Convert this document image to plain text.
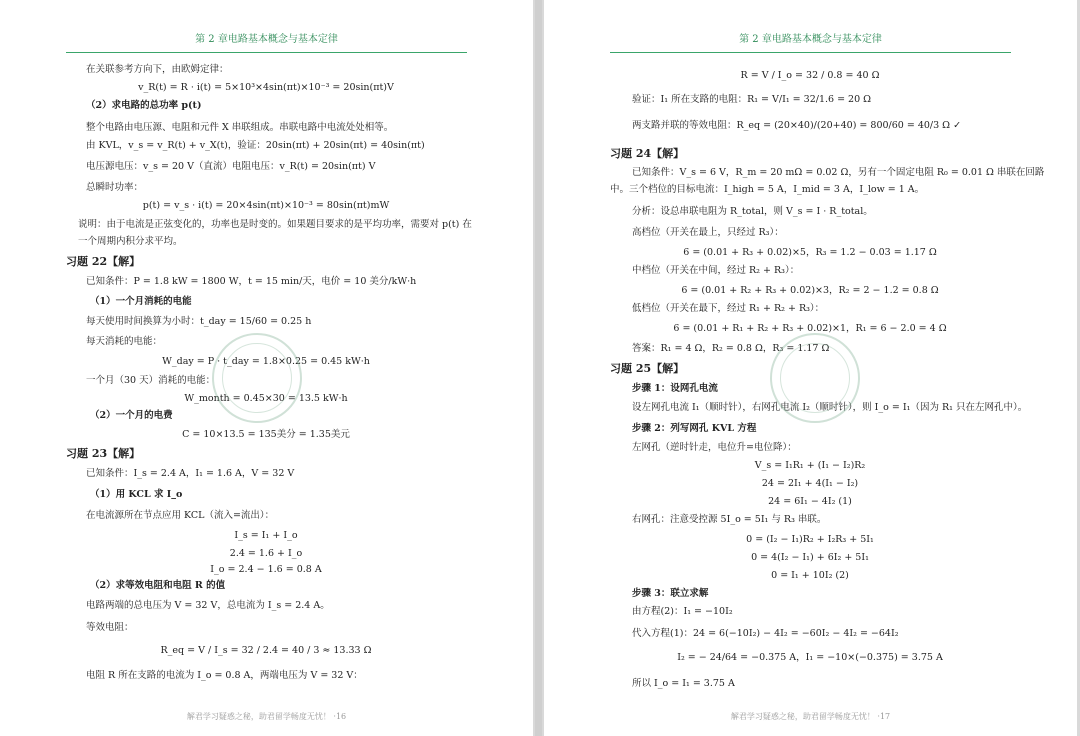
第 2 章电路基本概念与基本定律
在关联参考方向下，由欧姆定律：
v_R(t) = R · i(t) = 5×10³×4sin(πt)×10⁻³ = 20sin(πt)V
（2）求电路的总功率 p(t)
整个电路由电压源、电阻和元件 X 串联组成。串联电路中电流处处相等。
由 KVL，v_s = v_R(t) + v_X(t)，验证：20sin(πt) + 20sin(πt) = 40sin(πt)
电压源电压：v_s = 20 V（直流）电阻电压：v_R(t) = 20sin(πt) V
总瞬时功率：
p(t) = v_s · i(t) = 20×4sin(πt)×10⁻³ = 80sin(πt)mW
说明：由于电流是正弦变化的，功率也是时变的。如果题目要求的是平均功率，需要对 p(t) 在
一个周期内积分求平均。
习题 22【解】
已知条件：P = 1.8 kW = 1800 W，t = 15 min/天，电价 = 10 美分/kW·h
（1）一个月消耗的电能
每天使用时间换算为小时：t_day = 15/60 = 0.25 h
每天消耗的电能：
W_day = P · t_day = 1.8×0.25 = 0.45 kW·h
一个月（30 天）消耗的电能：
W_month = 0.45×30 = 13.5 kW·h
（2）一个月的电费
C = 10×13.5 = 135美分 = 1.35美元
习题 23【解】
已知条件：I_s = 2.4 A，I₁ = 1.6 A，V = 32 V
（1）用 KCL 求 I_o
在电流源所在节点应用 KCL（流入=流出）：
I_s = I₁ + I_o
2.4 = 1.6 + I_o
I_o = 2.4 − 1.6 = 0.8 A
（2）求等效电阻和电阻 R 的值
电路两端的总电压为 V = 32 V，总电流为 I_s = 2.4 A。
等效电阻：
R_eq = V / I_s = 32 / 2.4 = 40 / 3 ≈ 13.33 Ω
电阻 R 所在支路的电流为 I_o = 0.8 A，两端电压为 V = 32 V：
解君学习疑惑之秘，助君留学畅度无忧！ ·16
第 2 章电路基本概念与基本定律
R = V / I_o = 32 / 0.8 = 40 Ω
验证：I₁ 所在支路的电阻：R₁ = V/I₁ = 32/1.6 = 20 Ω
两支路并联的等效电阻：R_eq = (20×40)/(20+40) = 800/60 = 40/3 Ω ✓
习题 24【解】
已知条件：V_s = 6 V，R_m = 20 mΩ = 0.02 Ω，另有一个固定电阻 R₀ = 0.01 Ω 串联在回路
中。三个档位的目标电流：I_high = 5 A，I_mid = 3 A，I_low = 1 A。
分析：设总串联电阻为 R_total，则 V_s = I · R_total。
高档位（开关在最上，只经过 R₃）：
6 = (0.01 + R₃ + 0.02)×5，R₃ = 1.2 − 0.03 = 1.17 Ω
中档位（开关在中间，经过 R₂ + R₃）：
6 = (0.01 + R₂ + R₃ + 0.02)×3，R₂ = 2 − 1.2 = 0.8 Ω
低档位（开关在最下，经过 R₁ + R₂ + R₃）：
6 = (0.01 + R₁ + R₂ + R₃ + 0.02)×1，R₁ = 6 − 2.0 = 4 Ω
答案：R₁ = 4 Ω，R₂ = 0.8 Ω，R₃ = 1.17 Ω
习题 25【解】
步骤 1：设网孔电流
设左网孔电流 I₁（顺时针），右网孔电流 I₂（顺时针），则 I_o = I₁（因为 R₁ 只在左网孔中）。
步骤 2：列写网孔 KVL 方程
左网孔（逆时针走，电位升=电位降）：
V_s = I₁R₁ + (I₁ − I₂)R₂
24 = 2I₁ + 4(I₁ − I₂)
24 = 6I₁ − 4I₂ (1)
右网孔：注意受控源 5I_o = 5I₁ 与 R₃ 串联。
0 = (I₂ − I₁)R₂ + I₂R₃ + 5I₁
0 = 4(I₂ − I₁) + 6I₂ + 5I₁
0 = I₁ + 10I₂ (2)
步骤 3：联立求解
由方程(2)：I₁ = −10I₂
代入方程(1)：24 = 6(−10I₂) − 4I₂ = −60I₂ − 4I₂ = −64I₂
I₂ = − 24/64 = −0.375 A，I₁ = −10×(−0.375) = 3.75 A
所以 I_o = I₁ = 3.75 A
解君学习疑惑之秘，助君留学畅度无忧！ ·17
